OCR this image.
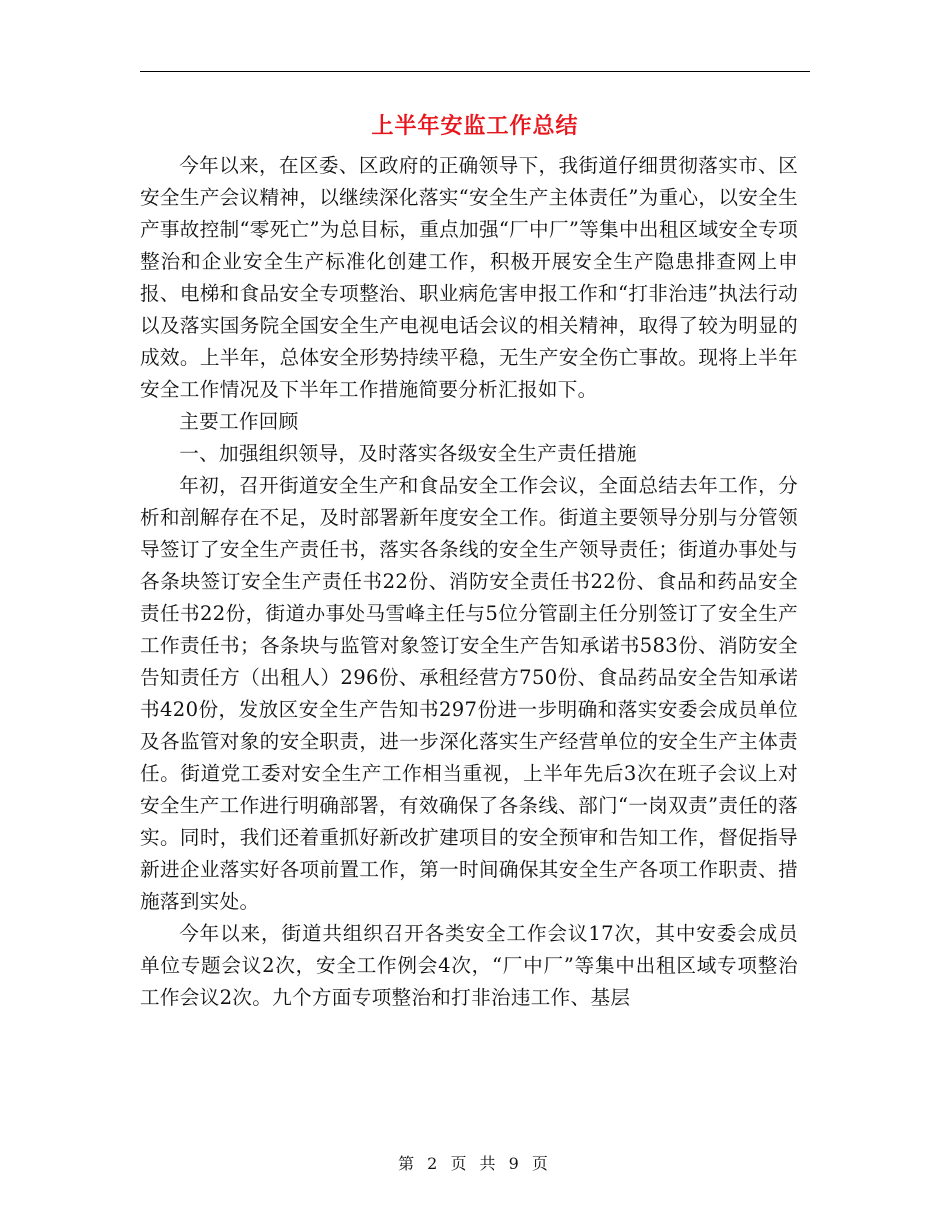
上半年安监工作总结

今年以来，在区委、区政府的正确领导下，我街道仔细贯彻落实市、区安全生产会议精神，以继续深化落实“安全生产主体责任”为重心，以安全生产事故控制“零死亡”为总目标，重点加强“厂中厂”等集中出租区域安全专项整治和企业安全生产标准化创建工作，积极开展安全生产隐患排查网上申报、电梯和食品安全专项整治、职业病危害申报工作和“打非治违”执法行动以及落实国务院全国安全生产电视电话会议的相关精神，取得了较为明显的成效。上半年，总体安全形势持续平稳，无生产安全伤亡事故。现将上半年安全工作情况及下半年工作措施简要分析汇报如下。

主要工作回顾

一、加强组织领导，及时落实各级安全生产责任措施

年初，召开街道安全生产和食品安全工作会议，全面总结去年工作，分析和剖解存在不足，及时部署新年度安全工作。街道主要领导分别与分管领导签订了安全生产责任书，落实各条线的安全生产领导责任；街道办事处与各条块签订安全生产责任书22份、消防安全责任书22份、食品和药品安全责任书22份，街道办事处马雪峰主任与5位分管副主任分别签订了安全生产工作责任书；各条块与监管对象签订安全生产告知承诺书583份、消防安全告知责任方（出租人）296份、承租经营方750份、食品药品安全告知承诺书420份，发放区安全生产告知书297份进一步明确和落实安委会成员单位及各监管对象的安全职责，进一步深化落实生产经营单位的安全生产主体责任。街道党工委对安全生产工作相当重视，上半年先后3次在班子会议上对安全生产工作进行明确部署，有效确保了各条线、部门“一岗双责”责任的落实。同时，我们还着重抓好新改扩建项目的安全预审和告知工作，督促指导新进企业落实好各项前置工作，第一时间确保其安全生产各项工作职责、措施落到实处。

今年以来，街道共组织召开各类安全工作会议17次，其中安委会成员单位专题会议2次，安全工作例会4次，“厂中厂”等集中出租区域专项整治工作会议2次。九个方面专项整治和打非治违工作、基层

第 2 页 共 9 页
